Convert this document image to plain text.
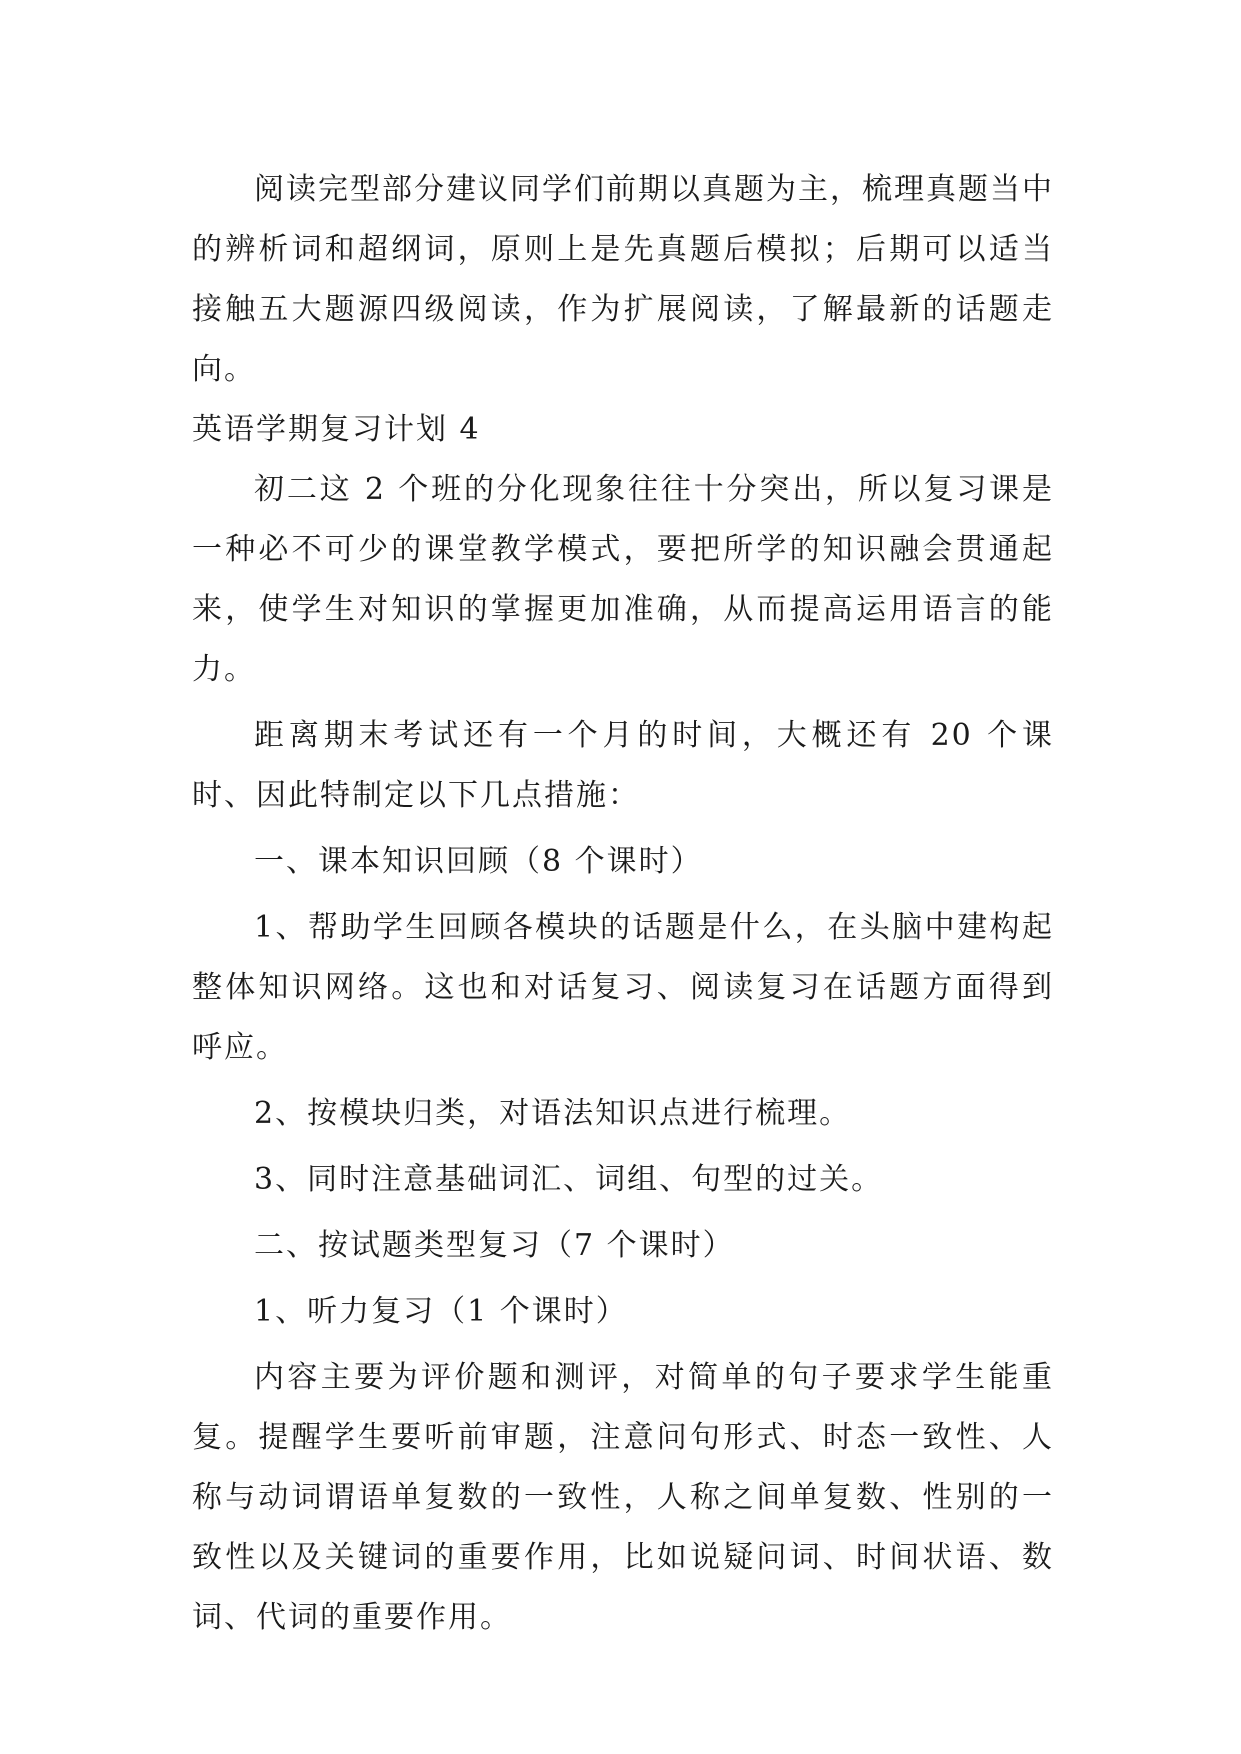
阅读完型部分建议同学们前期以真题为主，梳理真题当中的辨析词和超纲词，原则上是先真题后模拟；后期可以适当接触五大题源四级阅读，作为扩展阅读，了解最新的话题走向。

英语学期复习计划 4

初二这 2 个班的分化现象往往十分突出，所以复习课是一种必不可少的课堂教学模式，要把所学的知识融会贯通起来，使学生对知识的掌握更加准确，从而提高运用语言的能力。

距离期末考试还有一个月的时间，大概还有 20 个课时、因此特制定以下几点措施：

一、课本知识回顾（8 个课时）

1、帮助学生回顾各模块的话题是什么，在头脑中建构起整体知识网络。这也和对话复习、阅读复习在话题方面得到呼应。

2、按模块归类，对语法知识点进行梳理。

3、同时注意基础词汇、词组、句型的过关。

二、按试题类型复习（7 个课时）

1、听力复习（1 个课时）

内容主要为评价题和测评，对简单的句子要求学生能重复。提醒学生要听前审题，注意问句形式、时态一致性、人称与动词谓语单复数的一致性，人称之间单复数、性别的一致性以及关键词的重要作用，比如说疑问词、时间状语、数词、代词的重要作用。
